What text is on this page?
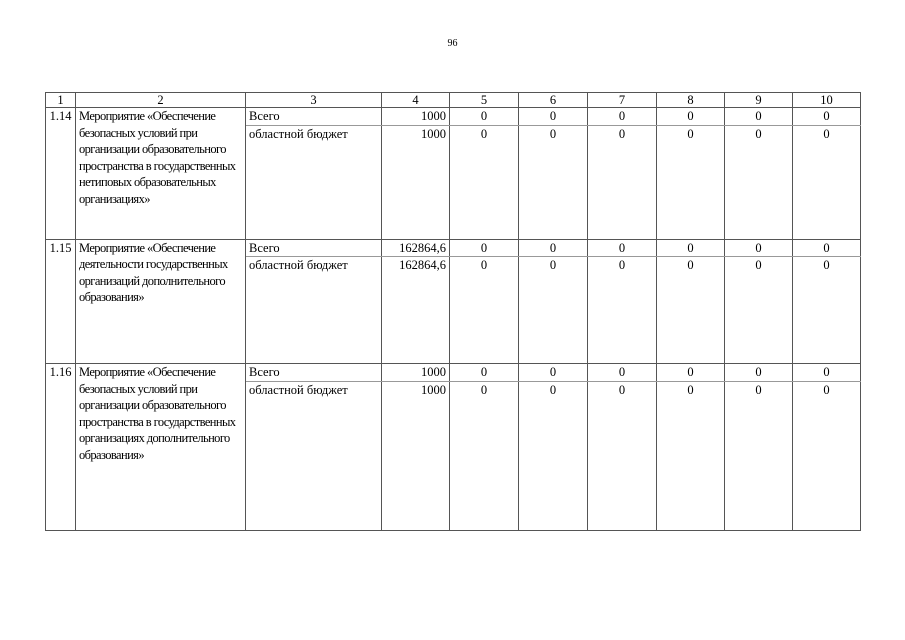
96
1	2	3	4	5	6	7	8	9	10
1.14	Мероприятие «Обеспечение безопасных условий при организации образовательного пространства в государственных нетиповых образовательных организациях»	Всего	1000	0	0	0	0	0	0
		областной бюджет	1000	0	0	0	0	0	0
1.15	Мероприятие «Обеспечение деятельности государственных организаций дополнительного образования»	Всего	162864,6	0	0	0	0	0	0
		областной бюджет	162864,6	0	0	0	0	0	0
1.16	Мероприятие «Обеспечение безопасных условий при организации образовательного пространства в государственных организациях дополнительного образования»	Всего	1000	0	0	0	0	0	0
		областной бюджет	1000	0	0	0	0	0	0
